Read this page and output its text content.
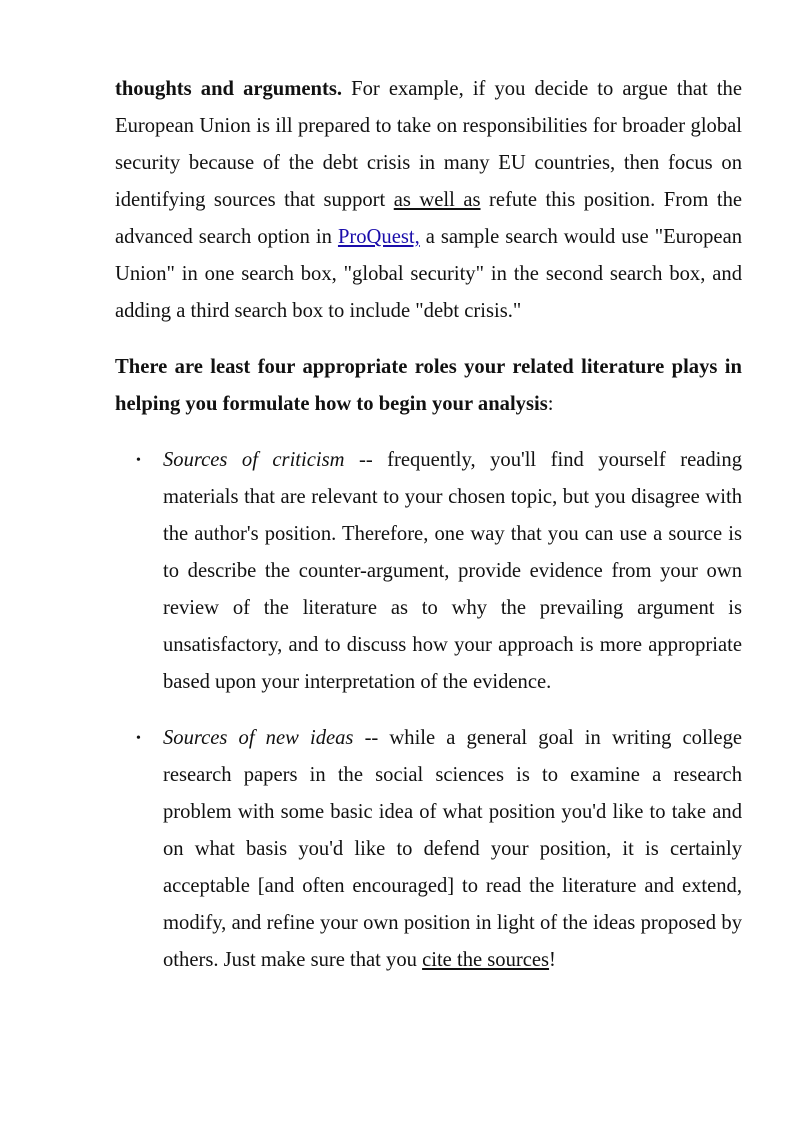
thoughts and arguments. For example, if you decide to argue that the European Union is ill prepared to take on responsibilities for broader global security because of the debt crisis in many EU countries, then focus on identifying sources that support as well as refute this position. From the advanced search option in ProQuest, a sample search would use "European Union" in one search box, "global security" in the second search box, and adding a third search box to include "debt crisis."

There are least four appropriate roles your related literature plays in helping you formulate how to begin your analysis:

• Sources of criticism -- frequently, you'll find yourself reading materials that are relevant to your chosen topic, but you disagree with the author's position. Therefore, one way that you can use a source is to describe the counter-argument, provide evidence from your own review of the literature as to why the prevailing argument is unsatisfactory, and to discuss how your approach is more appropriate based upon your interpretation of the evidence.
• Sources of new ideas -- while a general goal in writing college research papers in the social sciences is to examine a research problem with some basic idea of what position you'd like to take and on what basis you'd like to defend your position, it is certainly acceptable [and often encouraged] to read the literature and extend, modify, and refine your own position in light of the ideas proposed by others. Just make sure that you cite the sources!
